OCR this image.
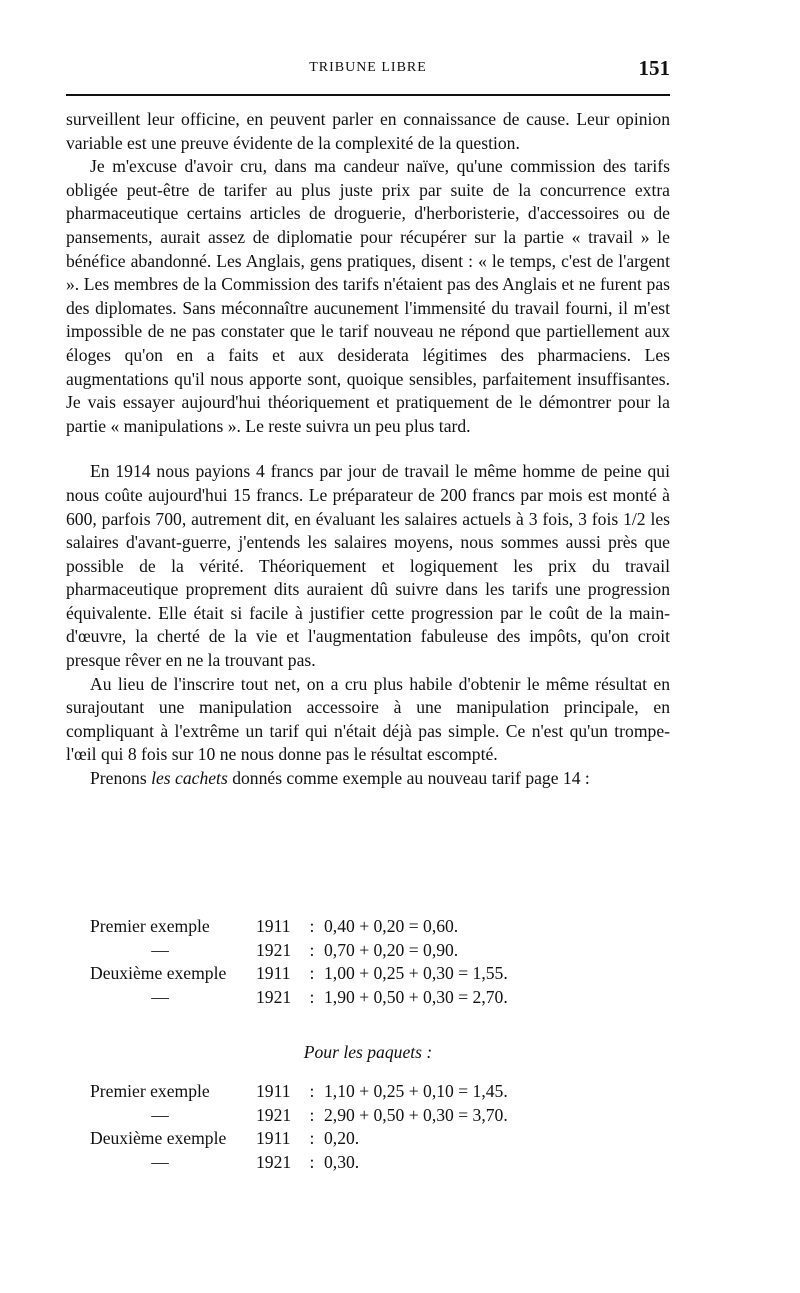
TRIBUNE LIBRE	151

surveillent leur officine, en peuvent parler en connaissance de cause. Leur opinion variable est une preuve évidente de la complexité de la question.

Je m'excuse d'avoir cru, dans ma candeur naïve, qu'une commission des tarifs obligée peut-être de tarifer au plus juste prix par suite de la concurrence extra pharmaceutique certains articles de droguerie, d'herboristerie, d'accessoires ou de pansements, aurait assez de diplomatie pour récupérer sur la partie « travail » le bénéfice abandonné. Les Anglais, gens pratiques, disent : « le temps, c'est de l'argent ». Les membres de la Commission des tarifs n'étaient pas des Anglais et ne furent pas des diplomates. Sans méconnaître aucunement l'immensité du travail fourni, il m'est impossible de ne pas constater que le tarif nouveau ne répond que partiellement aux éloges qu'on en a faits et aux desiderata légitimes des pharmaciens. Les augmentations qu'il nous apporte sont, quoique sensibles, parfaitement insuffisantes. Je vais essayer aujourd'hui théoriquement et pratiquement de le démontrer pour la partie « manipulations ». Le reste suivra un peu plus tard.

En 1914 nous payions 4 francs par jour de travail le même homme de peine qui nous coûte aujourd'hui 15 francs. Le préparateur de 200 francs par mois est monté à 600, parfois 700, autrement dit, en évaluant les salaires actuels à 3 fois, 3 fois 1/2 les salaires d'avant-guerre, j'entends les salaires moyens, nous sommes aussi près que possible de la vérité. Théoriquement et logiquement les prix du travail pharmaceutique proprement dits auraient dû suivre dans les tarifs une progression équivalente. Elle était si facile à justifier cette progression par le coût de la main-d'œuvre, la cherté de la vie et l'augmentation fabuleuse des impôts, qu'on croit presque rêver en ne la trouvant pas.

Au lieu de l'inscrire tout net, on a cru plus habile d'obtenir le même résultat en surajoutant une manipulation accessoire à une manipulation principale, en compliquant à l'extrême un tarif qui n'était déjà pas simple. Ce n'est qu'un trompe-l'œil qui 8 fois sur 10 ne nous donne pas le résultat escompté.

Prenons les cachets donnés comme exemple au nouveau tarif page 14 :

Premier exemple	1911	: 0,40 + 0,20 = 0,60.
—	1921	: 0,70 + 0,20 = 0,90.
Deuxième exemple	1911	: 1,00 + 0,25 + 0,30 = 1,55.
—	1921	: 1,90 + 0,50 + 0,30 = 2,70.
Pour les paquets :
Premier exemple	1911	: 1,10 + 0,25 + 0,10 = 1,45.
—	1921	: 2,90 + 0,50 + 0,30 = 3,70.
Deuxième exemple	1911	: 0,20.
—	1921	: 0,30.
